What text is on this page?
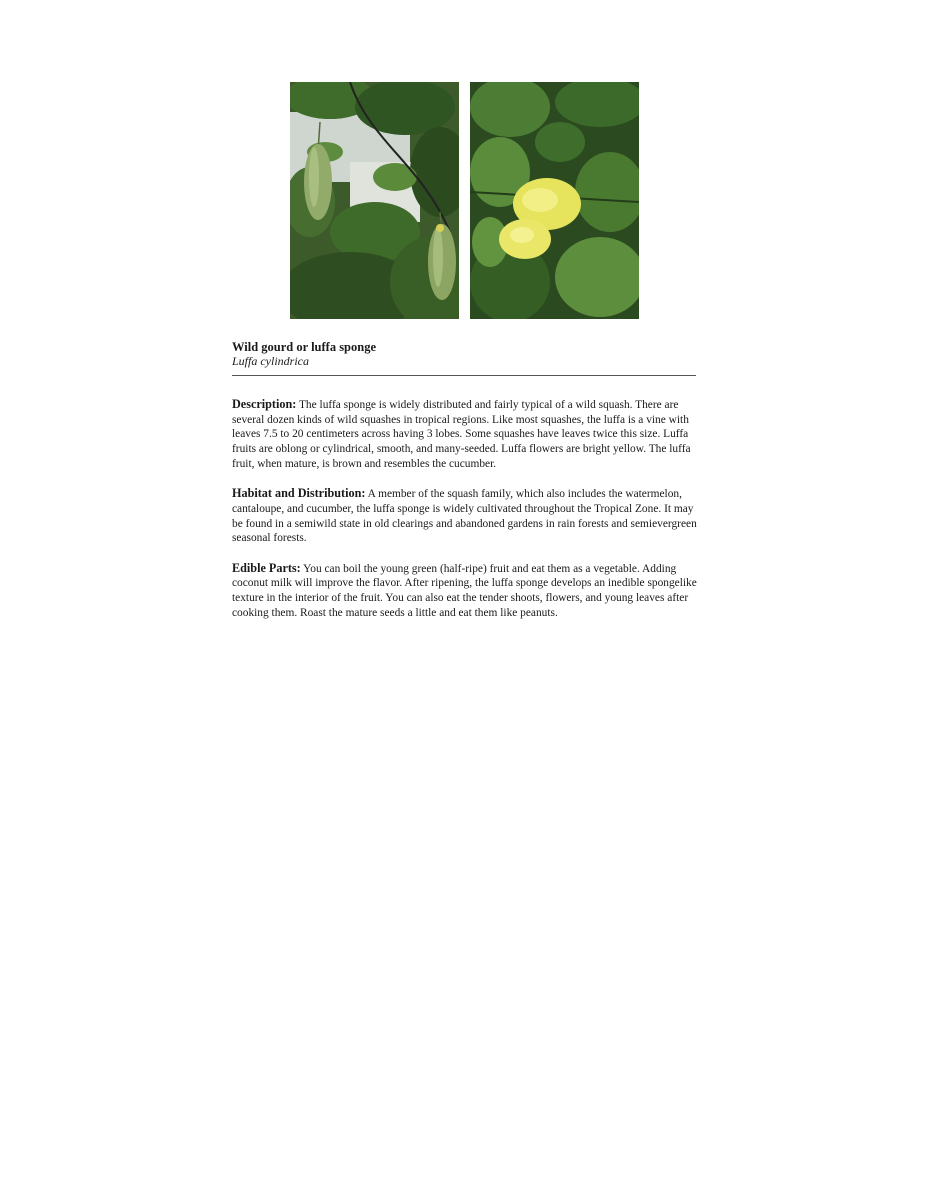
Wild gourd or luffa sponge
Luffa cylindrica

Description: The luffa sponge is widely distributed and fairly typical of a wild squash. There are several dozen kinds of wild squashes in tropical regions. Like most squashes, the luffa is a vine with leaves 7.5 to 20 centimeters across having 3 lobes. Some squashes have leaves twice this size. Luffa fruits are oblong or cylindrical, smooth, and many-seeded. Luffa flowers are bright yellow. The luffa fruit, when mature, is brown and resembles the cucumber.

Habitat and Distribution: A member of the squash family, which also includes the watermelon, cantaloupe, and cucumber, the luffa sponge is widely cultivated throughout the Tropical Zone. It may be found in a semiwild state in old clearings and abandoned gardens in rain forests and semievergreen seasonal forests.

Edible Parts: You can boil the young green (half-ripe) fruit and eat them as a vegetable. Adding coconut milk will improve the flavor. After ripening, the luffa sponge develops an inedible spongelike texture in the interior of the fruit. You can also eat the tender shoots, flowers, and young leaves after cooking them. Roast the mature seeds a little and eat them like peanuts.
